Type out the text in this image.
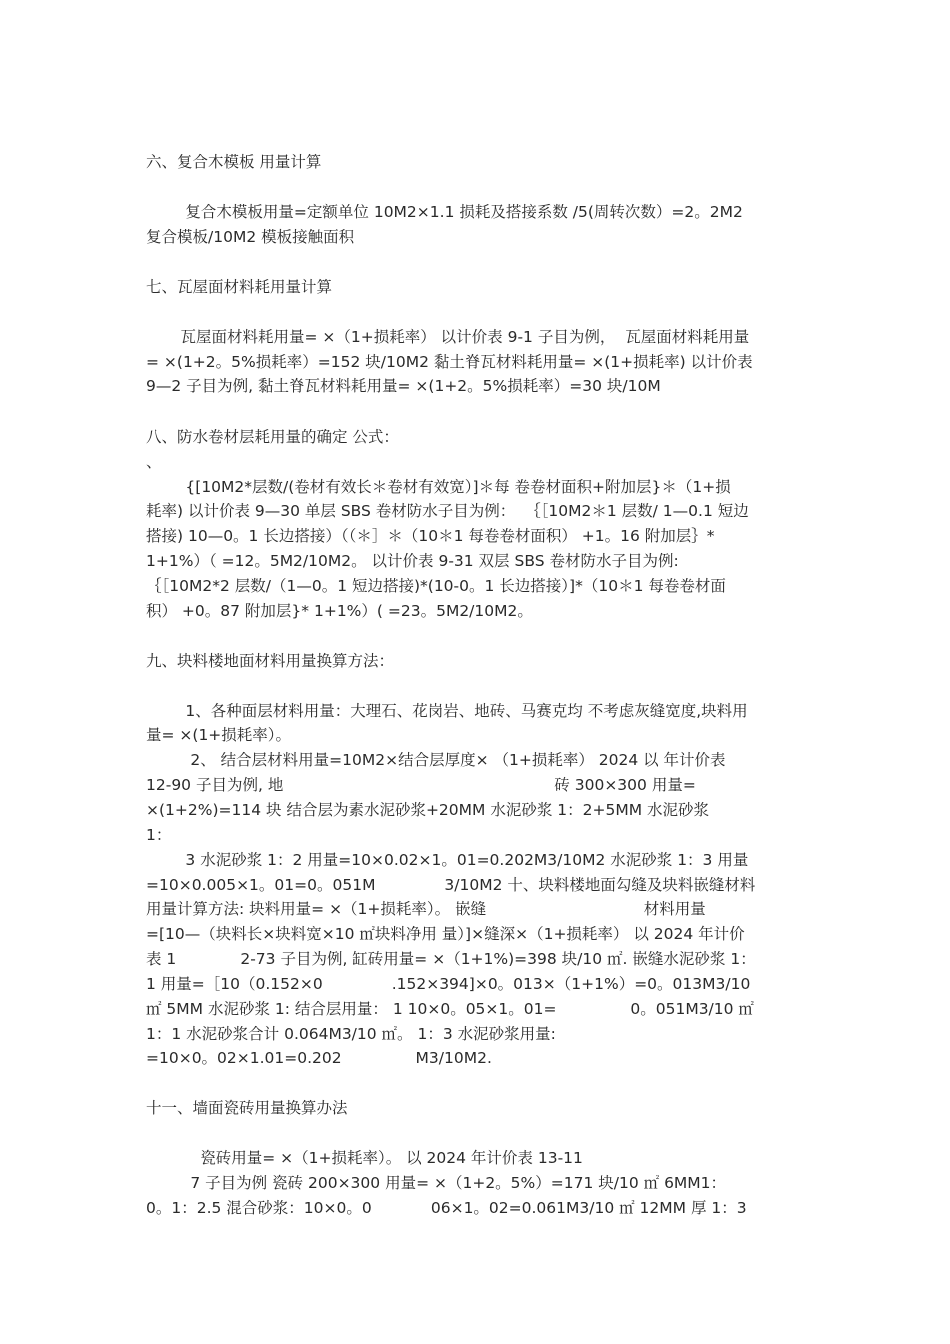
六、复合木模板 用量计算
复合木模板用量=定额单位 10M2×1.1 损耗及搭接系数 /5(周转次数）=2。2M2
复合模板/10M2 模板接触面积
七、瓦屋面材料耗用量计算
瓦屋面材料耗用量= ×（1+损耗率） 以计价表 9-1 子目为例，  瓦屋面材料耗用量
= ×(1+2。5%损耗率）=152 块/10M2 黏土脊瓦材料耗用量= ×(1+损耗率) 以计价表
9—2 子目为例, 黏土脊瓦材料耗用量= ×(1+2。5%损耗率）=30 块/10M
八、防水卷材层耗用量的确定 公式：
、
{[10M2*层数/(卷材有效长＊卷材有效宽）]＊每 卷卷材面积+附加层}＊（1+损
耗率) 以计价表 9—30 单层 SBS 卷材防水子目为例：  ｛［10M2＊1 层数/ 1—0.1 短边
搭接) 10—0。1 长边搭接）（（＊］＊（10＊1 每卷卷材面积） +1。16 附加层｝*
1+1%）（ =12。5M2/10M2。 以计价表 9-31 双层 SBS 卷材防水子目为例:
｛［10M2*2 层数/（1—0。1 短边搭接)*(10-0。1 长边搭接）]*（10＊1 每卷卷材面
积） +0。87 附加层}* 1+1%）( =23。5M2/10M2。
九、块料楼地面材料用量换算方法：
1、各种面层材料用量：大理石、花岗岩、地砖、马赛克均 不考虑灰缝宽度,块料用
量= ×(1+损耗率）。
2、 结合层材料用量=10M2×结合层厚度× （1+损耗率） 2024 以 年计价表
12-90 子目为例, 地                                                       砖 300×300 用量=
×(1+2%)=114 块 结合层为素水泥砂浆+20MM 水泥砂浆 1：2+5MM 水泥砂浆
1：
3 水泥砂浆 1：2 用量=10×0.02×1。01=0.202M3/10M2 水泥砂浆 1：3 用量
=10×0.005×1。01=0。051M              3/10M2 十、块料楼地面勾缝及块料嵌缝材料
用量计算方法: 块料用量= ×（1+损耗率）。 嵌缝                                材料用量
=[10—（块料长×块料宽×10 ㎡块料净用 量）]×缝深×（1+损耗率） 以 2024 年计价
表 1             2-73 子目为例, 缸砖用量= ×（1+1%)=398 块/10 ㎡. 嵌缝水泥砂浆 1：
1 用量=［10（0.152×0              .152×394]×0。013×（1+1%）=0。013M3/10
㎡ 5MM 水泥砂浆 1: 结合层用量： 1 10×0。05×1。01=               0。051M3/10 ㎡
1：1 水泥砂浆合计 0.064M3/10 ㎡。 1：3 水泥砂浆用量:
=10×0。02×1.01=0.202               M3/10M2.
十一、墙面瓷砖用量换算办法
瓷砖用量= ×（1+损耗率）。 以 2024 年计价表 13-11
7 子目为例 瓷砖 200×300 用量= ×（1+2。5%）=171 块/10 ㎡ 6MM1：
0。1：2.5 混合砂浆：10×0。0            06×1。02=0.061M3/10 ㎡ 12MM 厚 1：3
